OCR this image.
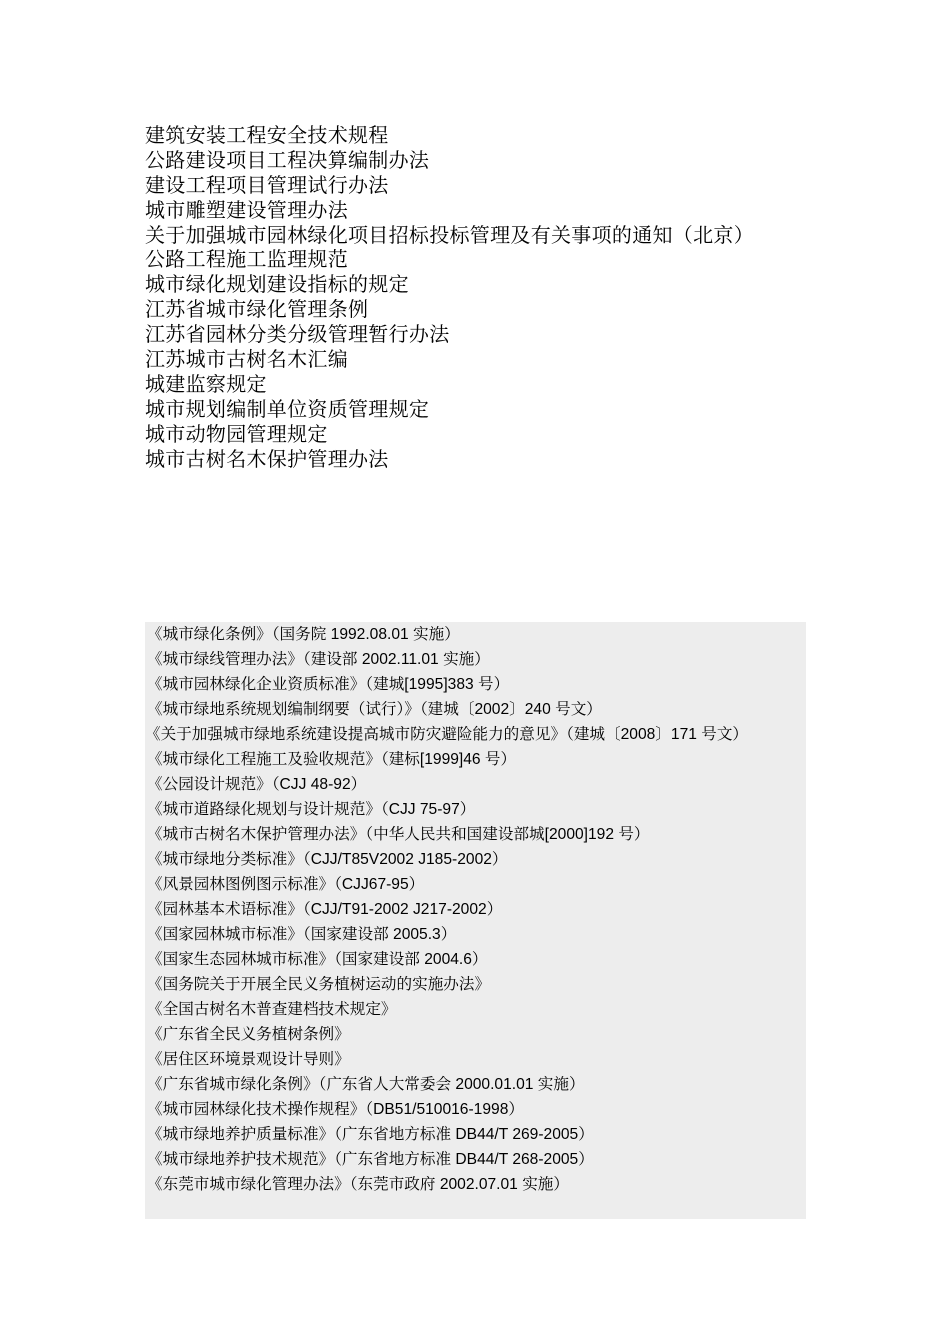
建筑安装工程安全技术规程
公路建设项目工程决算编制办法
建设工程项目管理试行办法
城市雕塑建设管理办法
关于加强城市园林绿化项目招标投标管理及有关事项的通知（北京）
公路工程施工监理规范
城市绿化规划建设指标的规定
江苏省城市绿化管理条例
江苏省园林分类分级管理暂行办法
江苏城市古树名木汇编
城建监察规定
城市规划编制单位资质管理规定
城市动物园管理规定
城市古树名木保护管理办法
《城市绿化条例》（国务院 1992.08.01 实施）
《城市绿线管理办法》（建设部 2002.11.01 实施）
《城市园林绿化企业资质标准》（建城[1995]383 号）
《城市绿地系统规划编制纲要（试行）》（建城〔2002〕240 号文）
《关于加强城市绿地系统建设提高城市防灾避险能力的意见》（建城〔2008〕171 号文）
《城市绿化工程施工及验收规范》（建标[1999]46 号）
《公园设计规范》（CJJ 48-92）
《城市道路绿化规划与设计规范》（CJJ 75-97）
《城市古树名木保护管理办法》（中华人民共和国建设部城[2000]192 号）
《城市绿地分类标准》（CJJ/T85V2002 J185-2002）
《风景园林图例图示标准》（CJJ67-95）
《园林基本术语标准》（CJJ/T91-2002 J217-2002）
《国家园林城市标准》（国家建设部 2005.3）
《国家生态园林城市标准》（国家建设部 2004.6）
《国务院关于开展全民义务植树运动的实施办法》
《全国古树名木普查建档技术规定》
《广东省全民义务植树条例》
《居住区环境景观设计导则》
《广东省城市绿化条例》（广东省人大常委会 2000.01.01 实施）
《城市园林绿化技术操作规程》（DB51/510016-1998）
《城市绿地养护质量标准》（广东省地方标准 DB44/T 269-2005）
《城市绿地养护技术规范》（广东省地方标准 DB44/T 268-2005）
《东莞市城市绿化管理办法》（东莞市政府 2002.07.01 实施）
